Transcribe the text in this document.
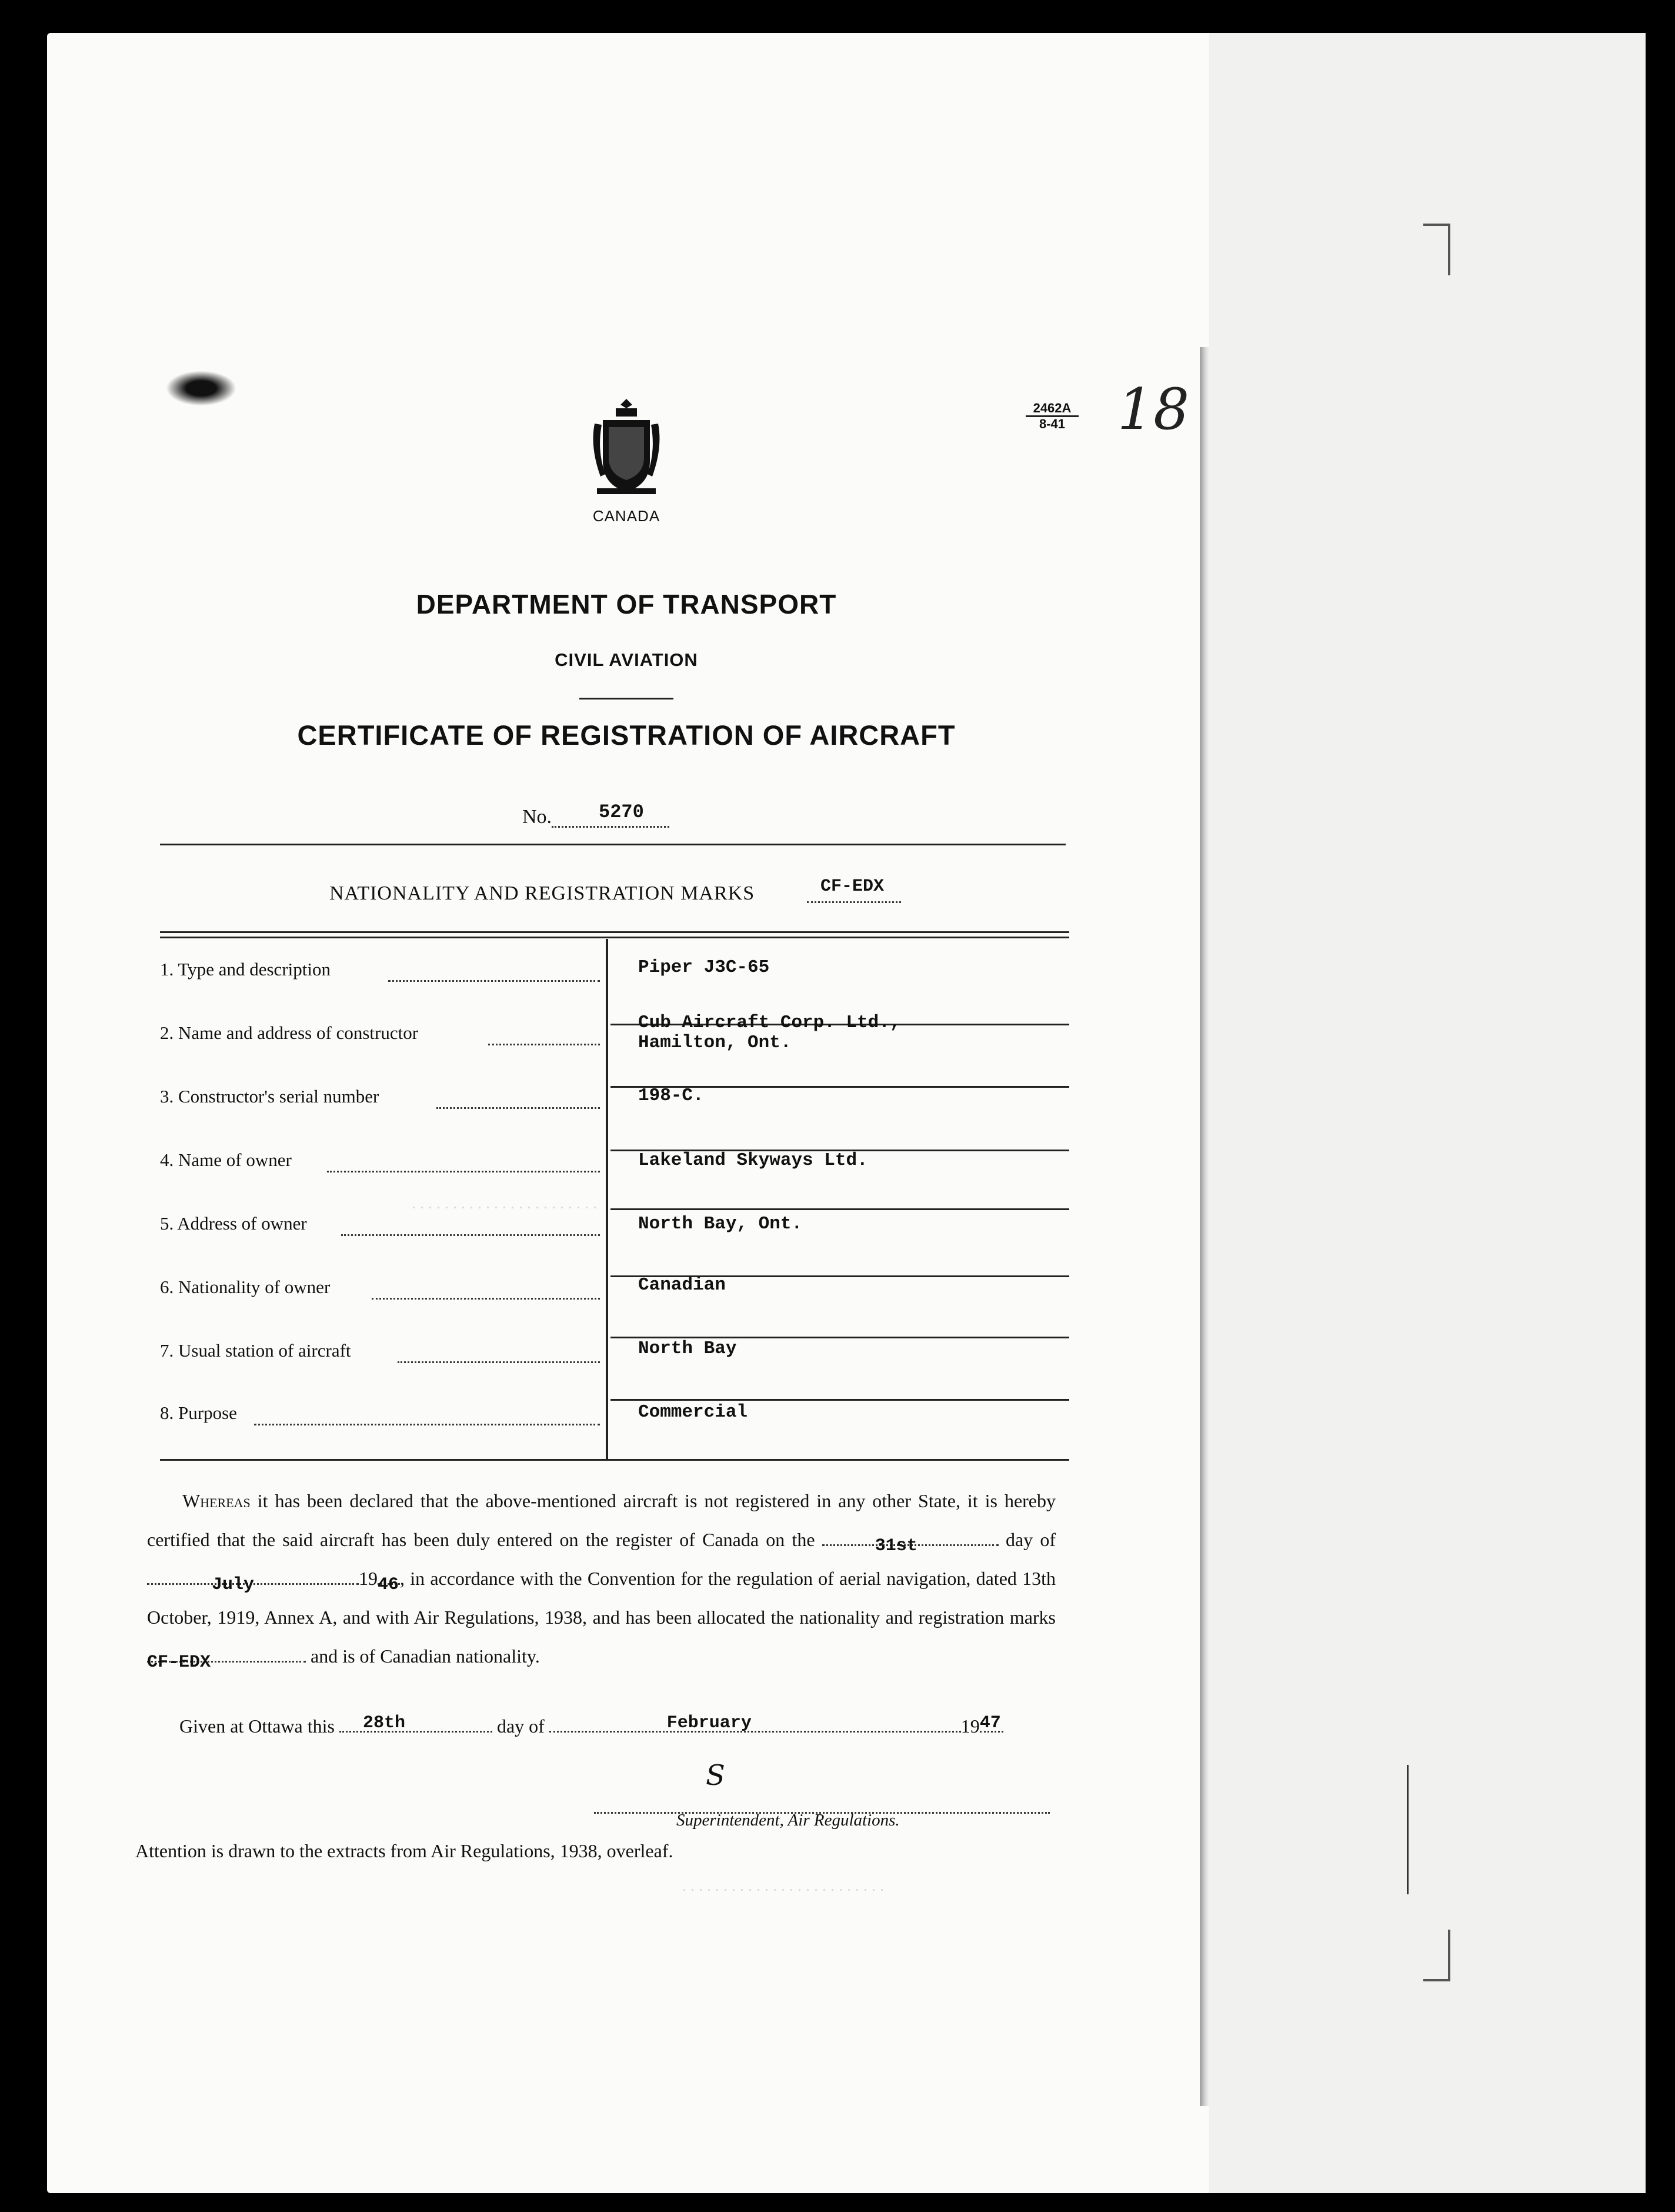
. . . . . . . . . . . . . . . . . . . . . . .
. . . . . . . . . . . . . . . . . . . . . . . . .
CANADA
2462A
8-41 18
DEPARTMENT OF TRANSPORT
CIVIL AVIATION
CERTIFICATE OF REGISTRATION OF AIRCRAFT
No. 5270
NATIONALITY AND REGISTRATION MARKS	CF-EDX
1. Type and description	Piper J3C-65
2. Name and address of constructor	Cub Aircraft Corp. Ltd.,
Hamilton, Ont.
3. Constructor's serial number	198-C.
4. Name of owner	Lakeland Skyways Ltd.
5. Address of owner	North Bay, Ont.
6. Nationality of owner	Canadian
7. Usual station of aircraft	North Bay
8. Purpose	Commercial
Whereas it has been declared that the above-mentioned aircraft is not registered in any other State, it is hereby certified that the said aircraft has been duly entered on the register of Canada on the	31st	day of
July	19 46 , in accordance with the Convention for the regulation of aerial navigation, dated 13th October, 1919, Annex A, and with Air Regulations, 1938, and has been allocated the nationality and registration marks
CF-EDX	and is of Canadian nationality.
Given at Ottawa this 28th	day of	February	19 47
S
Superintendent, Air Regulations.
Attention is drawn to the extracts from Air Regulations, 1938, overleaf.
